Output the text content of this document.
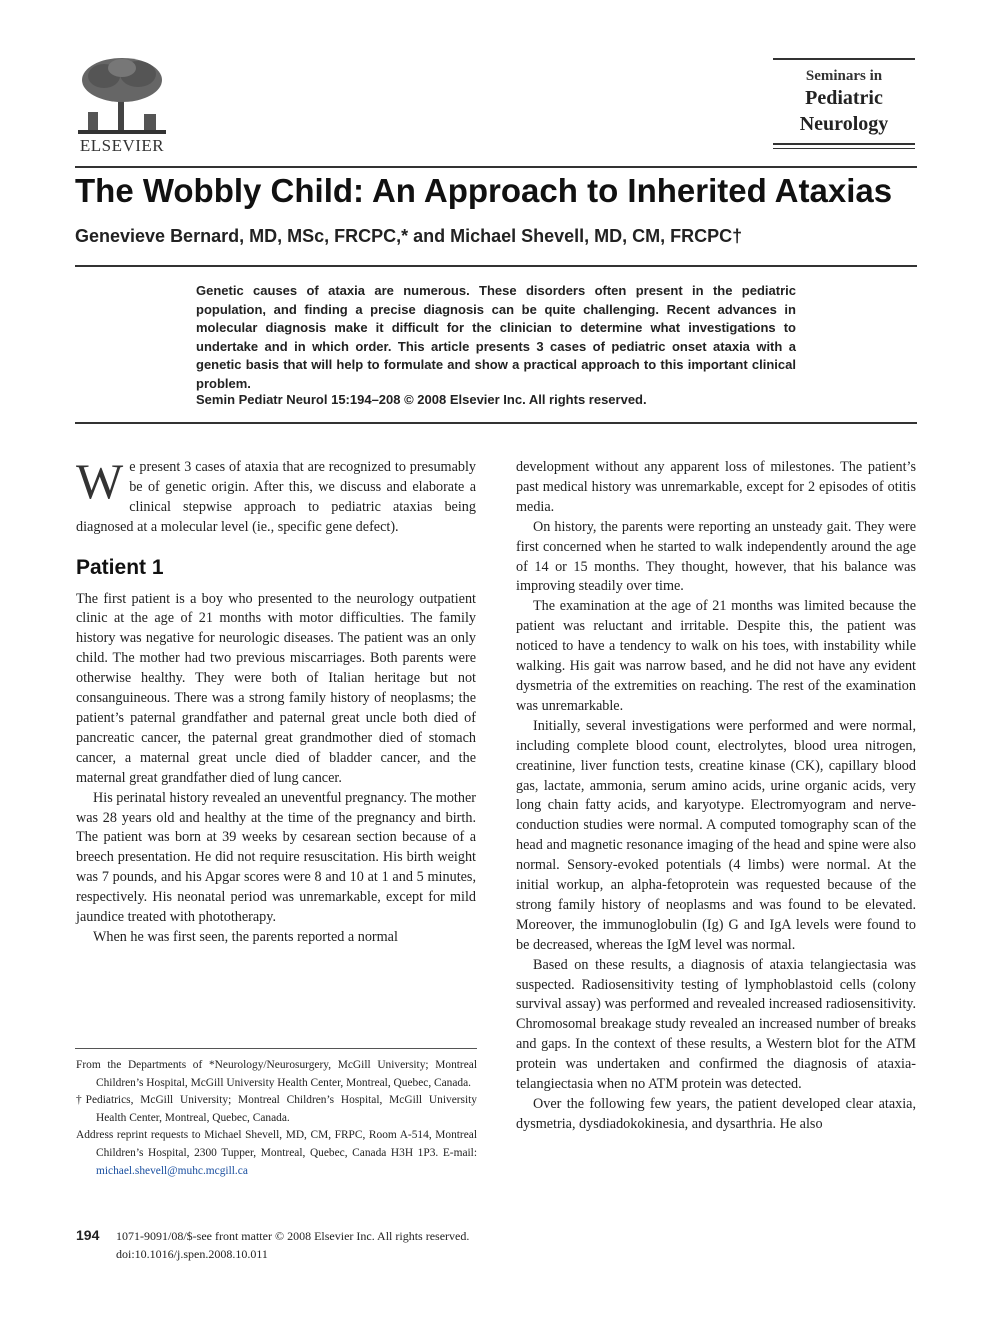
ELSEVIER
Seminars in
Pediatric
Neurology
The Wobbly Child: An Approach to Inherited Ataxias
Genevieve Bernard, MD, MSc, FRCPC,* and Michael Shevell, MD, CM, FRCPC†
Genetic causes of ataxia are numerous. These disorders often present in the pediatric population, and finding a precise diagnosis can be quite challenging. Recent advances in molecular diagnosis make it difficult for the clinician to determine what investigations to undertake and in which order. This article presents 3 cases of pediatric onset ataxia with a genetic basis that will help to formulate and show a practical approach to this important clinical problem.
Semin Pediatr Neurol 15:194–208 © 2008 Elsevier Inc. All rights reserved.

We present 3 cases of ataxia that are recognized to presumably be of genetic origin. After this, we discuss and elaborate a clinical stepwise approach to pediatric ataxias being diagnosed at a molecular level (ie., specific gene defect).

Patient 1

The first patient is a boy who presented to the neurology outpatient clinic at the age of 21 months with motor difficulties. The family history was negative for neurologic diseases. The patient was an only child. The mother had two previous miscarriages. Both parents were otherwise healthy. They were both of Italian heritage but not consanguineous. There was a strong family history of neoplasms; the patient’s paternal grandfather and paternal great uncle both died of pancreatic cancer, the paternal great grandmother died of stomach cancer, a maternal great uncle died of bladder cancer, and the maternal great grandfather died of lung cancer.

His perinatal history revealed an uneventful pregnancy. The mother was 28 years old and healthy at the time of the pregnancy and birth. The patient was born at 39 weeks by cesarean section because of a breech presentation. He did not require resuscitation. His birth weight was 7 pounds, and his Apgar scores were 8 and 10 at 1 and 5 minutes, respectively. His neonatal period was unremarkable, except for mild jaundice treated with phototherapy.

When he was first seen, the parents reported a normal

development without any apparent loss of milestones. The patient’s past medical history was unremarkable, except for 2 episodes of otitis media.

On history, the parents were reporting an unsteady gait. They were first concerned when he started to walk independently around the age of 14 or 15 months. They thought, however, that his balance was improving steadily over time.

The examination at the age of 21 months was limited because the patient was reluctant and irritable. Despite this, the patient was noticed to have a tendency to walk on his toes, with instability while walking. His gait was narrow based, and he did not have any evident dysmetria of the extremities on reaching. The rest of the examination was unremarkable.

Initially, several investigations were performed and were normal, including complete blood count, electrolytes, blood urea nitrogen, creatinine, liver function tests, creatine kinase (CK), capillary blood gas, lactate, ammonia, serum amino acids, urine organic acids, very long chain fatty acids, and karyotype. Electromyogram and nerve-conduction studies were normal. A computed tomography scan of the head and magnetic resonance imaging of the head and spine were also normal. Sensory-evoked potentials (4 limbs) were normal. At the initial workup, an alpha-fetoprotein was requested because of the strong family history of neoplasms and was found to be elevated. Moreover, the immunoglobulin (Ig) G and IgA levels were found to be decreased, whereas the IgM level was normal.

Based on these results, a diagnosis of ataxia telangiectasia was suspected. Radiosensitivity testing of lymphoblastoid cells (colony survival assay) was performed and revealed increased radiosensitivity. Chromosomal breakage study revealed an increased number of breaks and gaps. In the context of these results, a Western blot for the ATM protein was undertaken and confirmed the diagnosis of ataxia-telangiectasia when no ATM protein was detected.

Over the following few years, the patient developed clear ataxia, dysmetria, dysdiadokokinesia, and dysarthria. He also

From the Departments of *Neurology/Neurosurgery, McGill University; Montreal Children’s Hospital, McGill University Health Center, Montreal, Quebec, Canada.

†Pediatrics, McGill University; Montreal Children’s Hospital, McGill University Health Center, Montreal, Quebec, Canada.

Address reprint requests to Michael Shevell, MD, CM, FRPC, Room A-514, Montreal Children’s Hospital, 2300 Tupper, Montreal, Quebec, Canada H3H 1P3. E-mail: michael.shevell@muhc.mcgill.ca

194 1071-9091/08/$-see front matter © 2008 Elsevier Inc. All rights reserved.
doi:10.1016/j.spen.2008.10.011
